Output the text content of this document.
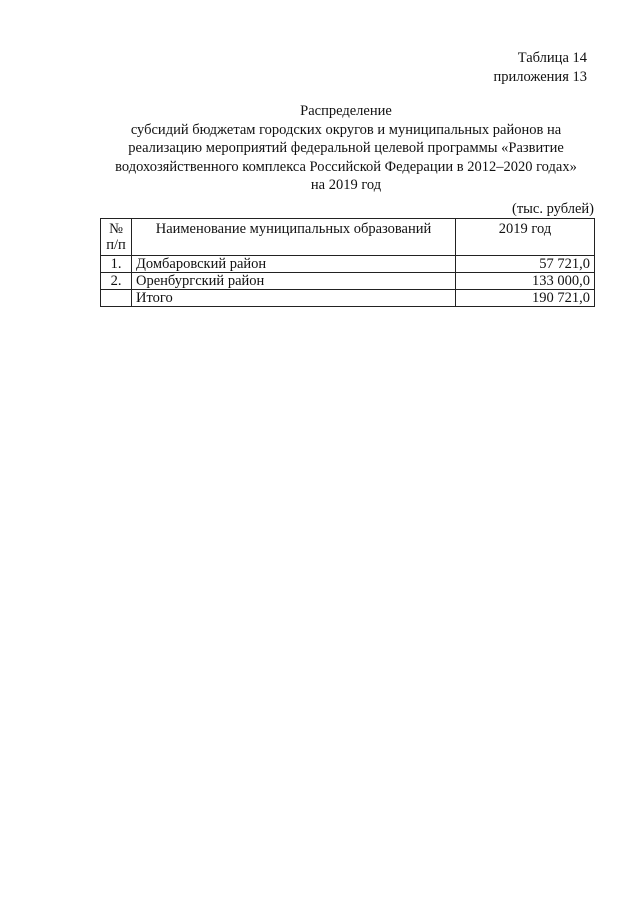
Таблица 14
приложения 13
Распределение
субсидий бюджетам городских округов и муниципальных районов на
реализацию мероприятий федеральной целевой программы «Развитие
водохозяйственного комплекса Российской Федерации в 2012–2020 годах»
на 2019 год
(тыс. рублей)
№
п/п	Наименование муниципальных образований	2019 год
1.	Домбаровский район	57 721,0
2.	Оренбургский район	133 000,0
	Итого	190 721,0
